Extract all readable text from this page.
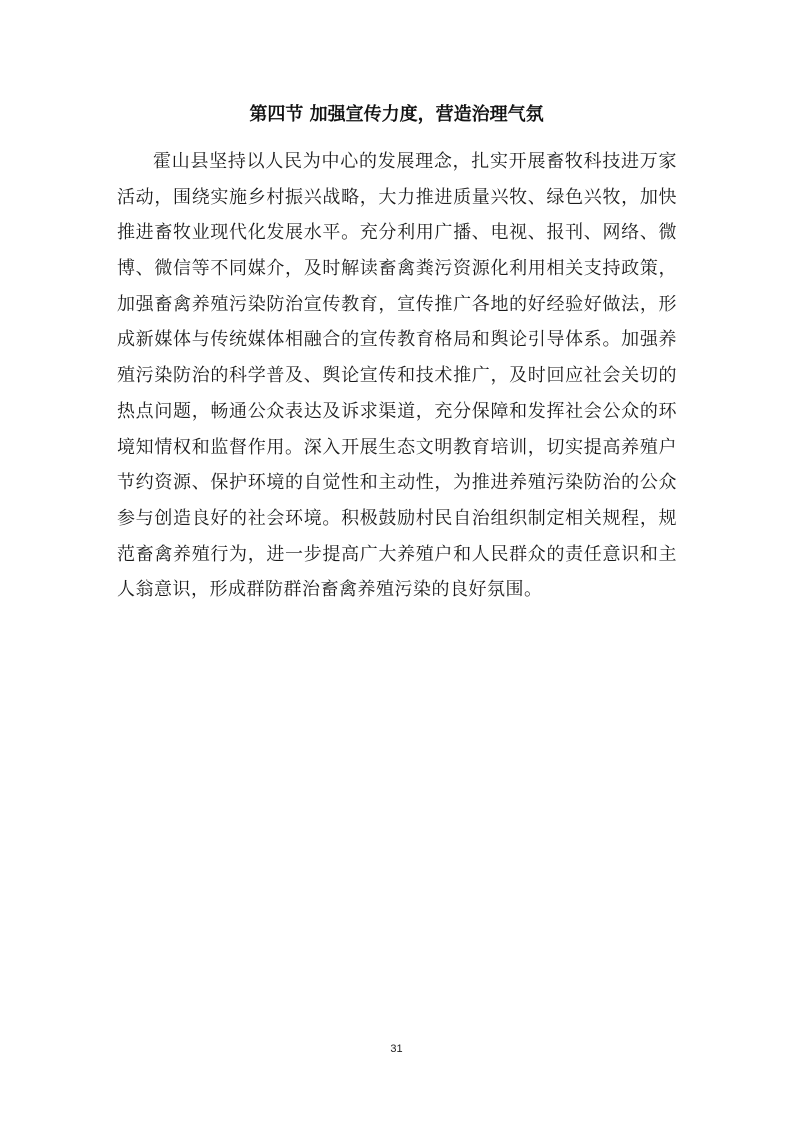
第四节 加强宣传力度，营造治理气氛
霍山县坚持以人民为中心的发展理念，扎实开展畜牧科技进万家
活动，围绕实施乡村振兴战略，大力推进质量兴牧、绿色兴牧，加快
推进畜牧业现代化发展水平。充分利用广播、电视、报刊、网络、微
博、微信等不同媒介，及时解读畜禽粪污资源化利用相关支持政策，
加强畜禽养殖污染防治宣传教育，宣传推广各地的好经验好做法，形
成新媒体与传统媒体相融合的宣传教育格局和舆论引导体系。加强养
殖污染防治的科学普及、舆论宣传和技术推广，及时回应社会关切的
热点问题，畅通公众表达及诉求渠道，充分保障和发挥社会公众的环
境知情权和监督作用。深入开展生态文明教育培训，切实提高养殖户
节约资源、保护环境的自觉性和主动性，为推进养殖污染防治的公众
参与创造良好的社会环境。积极鼓励村民自治组织制定相关规程，规
范畜禽养殖行为，进一步提高广大养殖户和人民群众的责任意识和主
人翁意识，形成群防群治畜禽养殖污染的良好氛围。
31
